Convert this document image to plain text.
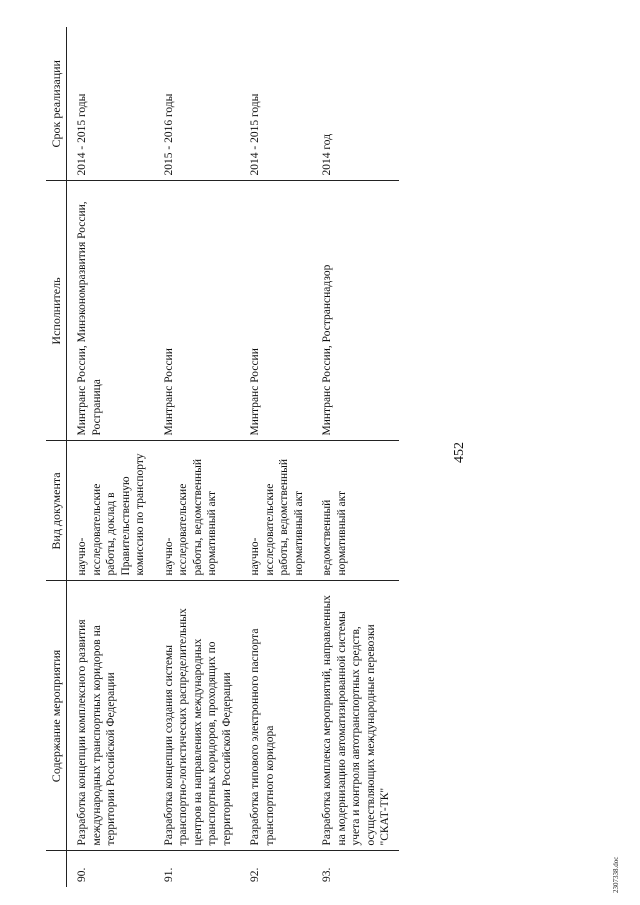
452
	Содержание мероприятия	Вид документа	Исполнитель	Срок реализации
90.	Разработка концепции комплексного развития международных транспортных коридоров на территории Российской Федерации	научно-исследовательские работы, доклад в Правительственную комиссию по транспорту	Минтранс России, Минэкономразвития России, Росграница	2014 - 2015 годы
91.	Разработка концепции создания системы транспортно-логистических распределительных центров на направлениях международных транспортных коридоров, проходящих по территории Российской Федерации	научно-исследовательские работы, ведомственный нормативный акт	Минтранс России	2015 - 2016 годы
92.	Разработка типового электронного паспорта транспортного коридора	научно-исследовательские работы, ведомственный нормативный акт	Минтранс России	2014 - 2015 годы
93.	Разработка комплекса мероприятий, направленных на модернизацию автоматизированной системы учета и контроля автотранспортных средств, осуществляющих международные перевозки "СКАТ-ТК"	ведомственный нормативный акт	Минтранс России, Ространснадзор	2014 год
2307338.doc
